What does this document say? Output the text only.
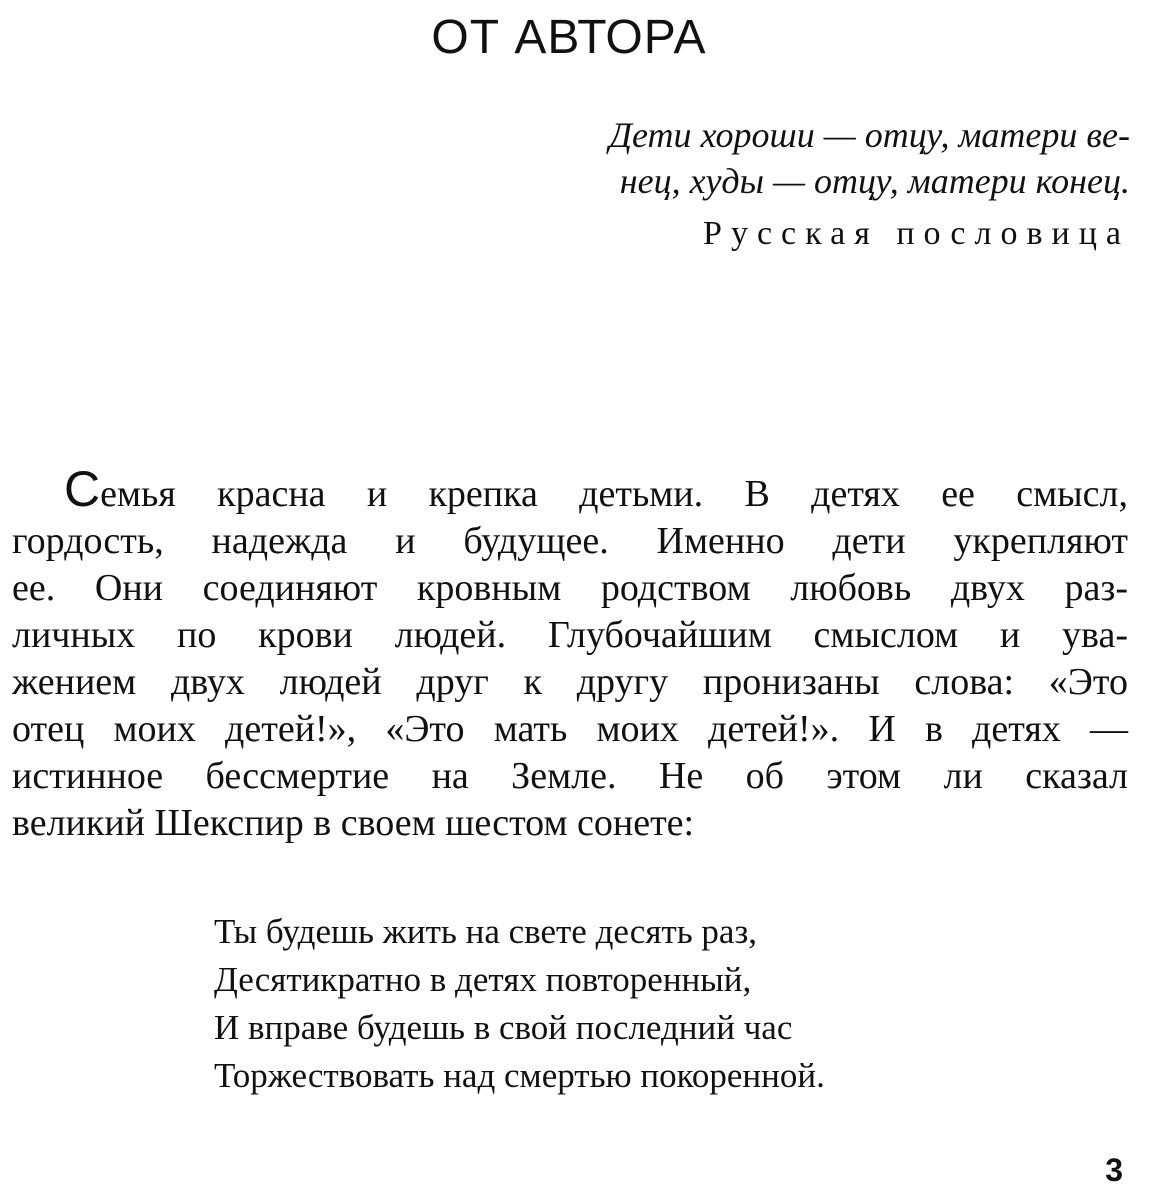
ОТ АВТОРА
Дети хороши — отцу, матери ве-
нец, худы — отцу, матери конец.
Русская пословица
Семья красна и крепка детьми. В детях ее смысл,
гордость, надежда и будущее. Именно дети укрепляют
ее. Они соединяют кровным родством любовь двух раз-
личных по крови людей. Глубочайшим смыслом и ува-
жением двух людей друг к другу пронизаны слова: «Это
отец моих детей!», «Это мать моих детей!». И в детях —
истинное бессмертие на Земле. Не об этом ли сказал
великий Шекспир в своем шестом сонете:
Ты будешь жить на свете десять раз,
Десятикратно в детях повторенный,
И вправе будешь в свой последний час
Торжествовать над смертью покоренной.
3
